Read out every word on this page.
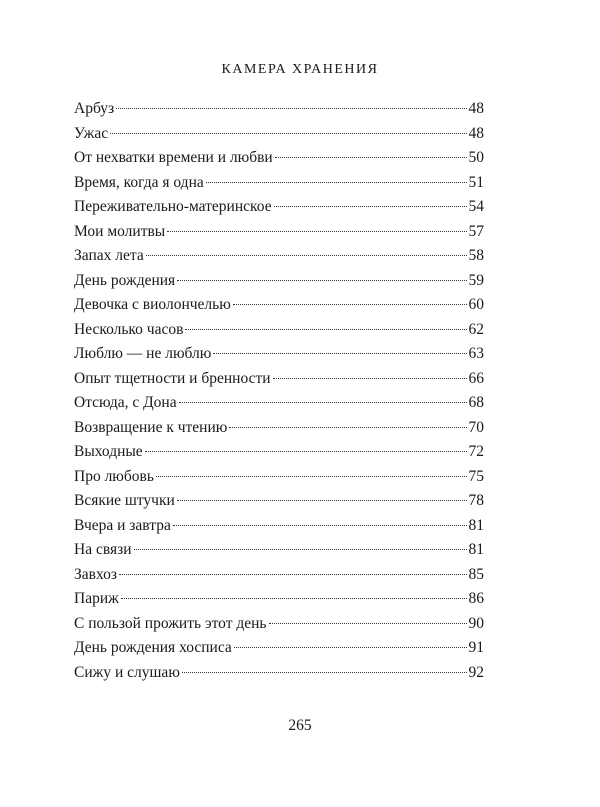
КАМЕРА ХРАНЕНИЯ
Арбуз	48
Ужас	48
От нехватки времени и любви	50
Время, когда я одна	51
Переживательно-материнское	54
Мои молитвы	57
Запах лета	58
День рождения	59
Девочка с виолончелью	60
Несколько часов	62
Люблю — не люблю	63
Опыт тщетности и бренности	66
Отсюда, с Дона	68
Возвращение к чтению	70
Выходные	72
Про любовь	75
Всякие штучки	78
Вчера и завтра	81
На связи	81
Завхоз	85
Париж	86
С пользой прожить этот день	90
День рождения хосписа	91
Сижу и слушаю	92
265
